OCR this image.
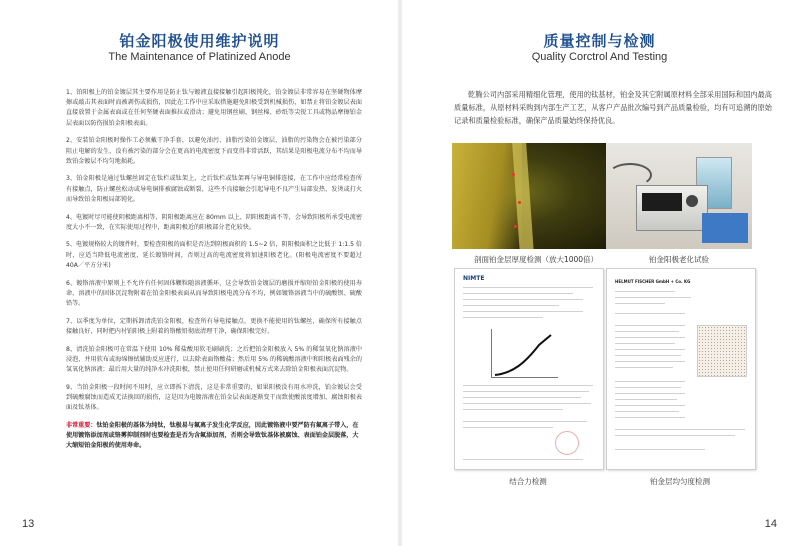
铂金阳极使用维护说明
The Maintenance of Platinized Anode

1、铂阳极上的铂金镀层其主要作用是防止钛与镀液直接接触引起阳极钝化，铂金镀层非常容易在坚硬物体摩擦或敲击其表面时而被剥伤或损伤，因此在工作中应采取措施避免阳极受到机械损伤，如禁止将铂金镀层表面直接放置于金属表面或在任何坚硬表面推拉或滑动；避免用钢丝刷、钢丝棉、砂纸等尖锐工具或物品摩擦铂金层表面以防伤损铂金阳极表面。

2、安装铂金阳极时操作工必须戴干净手套，以避免油污、油脂污染铂金镀层，油脂的污染物会在被污染部分阻止电解的发生，没有被污染的部分会在更高的电流密度下而变得非常活跃，其结果是阳极电流分布不均而导致铂金镀层不均匀地损耗。

3、铂金阳极是通过钛螺丝固定在钛栏或钛架上，之后钛栏或钛架再与导电铜排连接，在工作中应经常检查所有接触点，防止螺丝松动或导电铜排被腐蚀或断裂，这些不良接触会引起导电不良产生局部发热、发烫或打火而导致铂金阳极局部钝化。

4、电镀时尽可能使阴极距离相等，阴阳极距离应在 80mm 以上，阴阳极距离不等，会导致阳极所承受电流密度大小不一致，在实际使用过程中，距离阴极近的阳极部分老化较快。

5、电镀规格较大的镀件时，要检查阳极的面积是否达到阴极面积的 1.5~2 倍，阴阳极面积之比低于 1:1.5 倍时，应适当降低电流密度，延长镀铬时间，否则过高的电流密度将加速阳极老化。(阳极电流密度不要超过 40A／平方分米)

6、镀铬溶液中原则上不允许有任何固体颗粒随溶液循环，这会导致铂金镀层的磨损并缩短铂金阳极的使用寿命，溶液中的固体沉淀物附着在铂金阳极表面从而导致阳极电流分布不均，例如镀铬溶液当中的硫酸钡、硫酸铅等。

7、以季度为单位，定期拆卸清洗铂金阳极，检查所有导电接触点，更换不能使用的钛螺丝，确保所有接触点接触良好，同时把内衬铂阳极上附着的铬酸铅彻底清理干净，确保阳极完好。

8、清洗铂金阳极可在常温下使用 10% 稀盐酸用软毛刷刷洗；之后把铂金阳极放入 5% 的稀氢氧化钠溶液中浸泡，并用软布或海绵擦拭辅助反应进行，以去除表面铬酸盐；然后用 5% 的稀硫酸溶液中和阳极表面残余的氢氧化钠溶液；最后用大量的纯净水冲洗阳极，禁止使用任何研磨或机械方式来去除铂金阳极表面沉淀物。

9、当铂金阳极一段时间不用时，应立即拆下清洗，这是非常重要的，如果阳极没有用水冲洗，铂金镀层会受到硫酸腐蚀而造成无法换回的损伤，这是因为电镀溶液在铂金层表面逐渐变干而致使酸浓度增加，腐蚀阳极表面及钛基体。

非常重要：钛铂金阳极的基体为纯钛，钛极易与氟离子发生化学反应，因此镀铬液中要严防有氟离子带入，在使用镀铬添加剂或铬雾抑制剂时也要检查是否为含氟添加剂，否则会导致钛基体被腐蚀、表面铂金层脱落，大大缩短铂金阳极的使用寿命。

13
质量控制与检测
Quality Corctrol And Testing

乾腾公司内部采用精细化管理，使用的钛基材，铂金及其它附属原材料全部采用国际和国内最高质量标准，从原材料采购到内部生产工艺，从客户产品批次编号到产品质量检验，均有可追溯的原始记录和质量检验标准，确保产品质量始终保持优良。

剖面铂金层厚度检测（放大1000倍）	铂金阳极老化试验
NIMTE
结合力检测
HELMUT FISCHER GmbH + Co. KG
铂金层均匀度检测
14
